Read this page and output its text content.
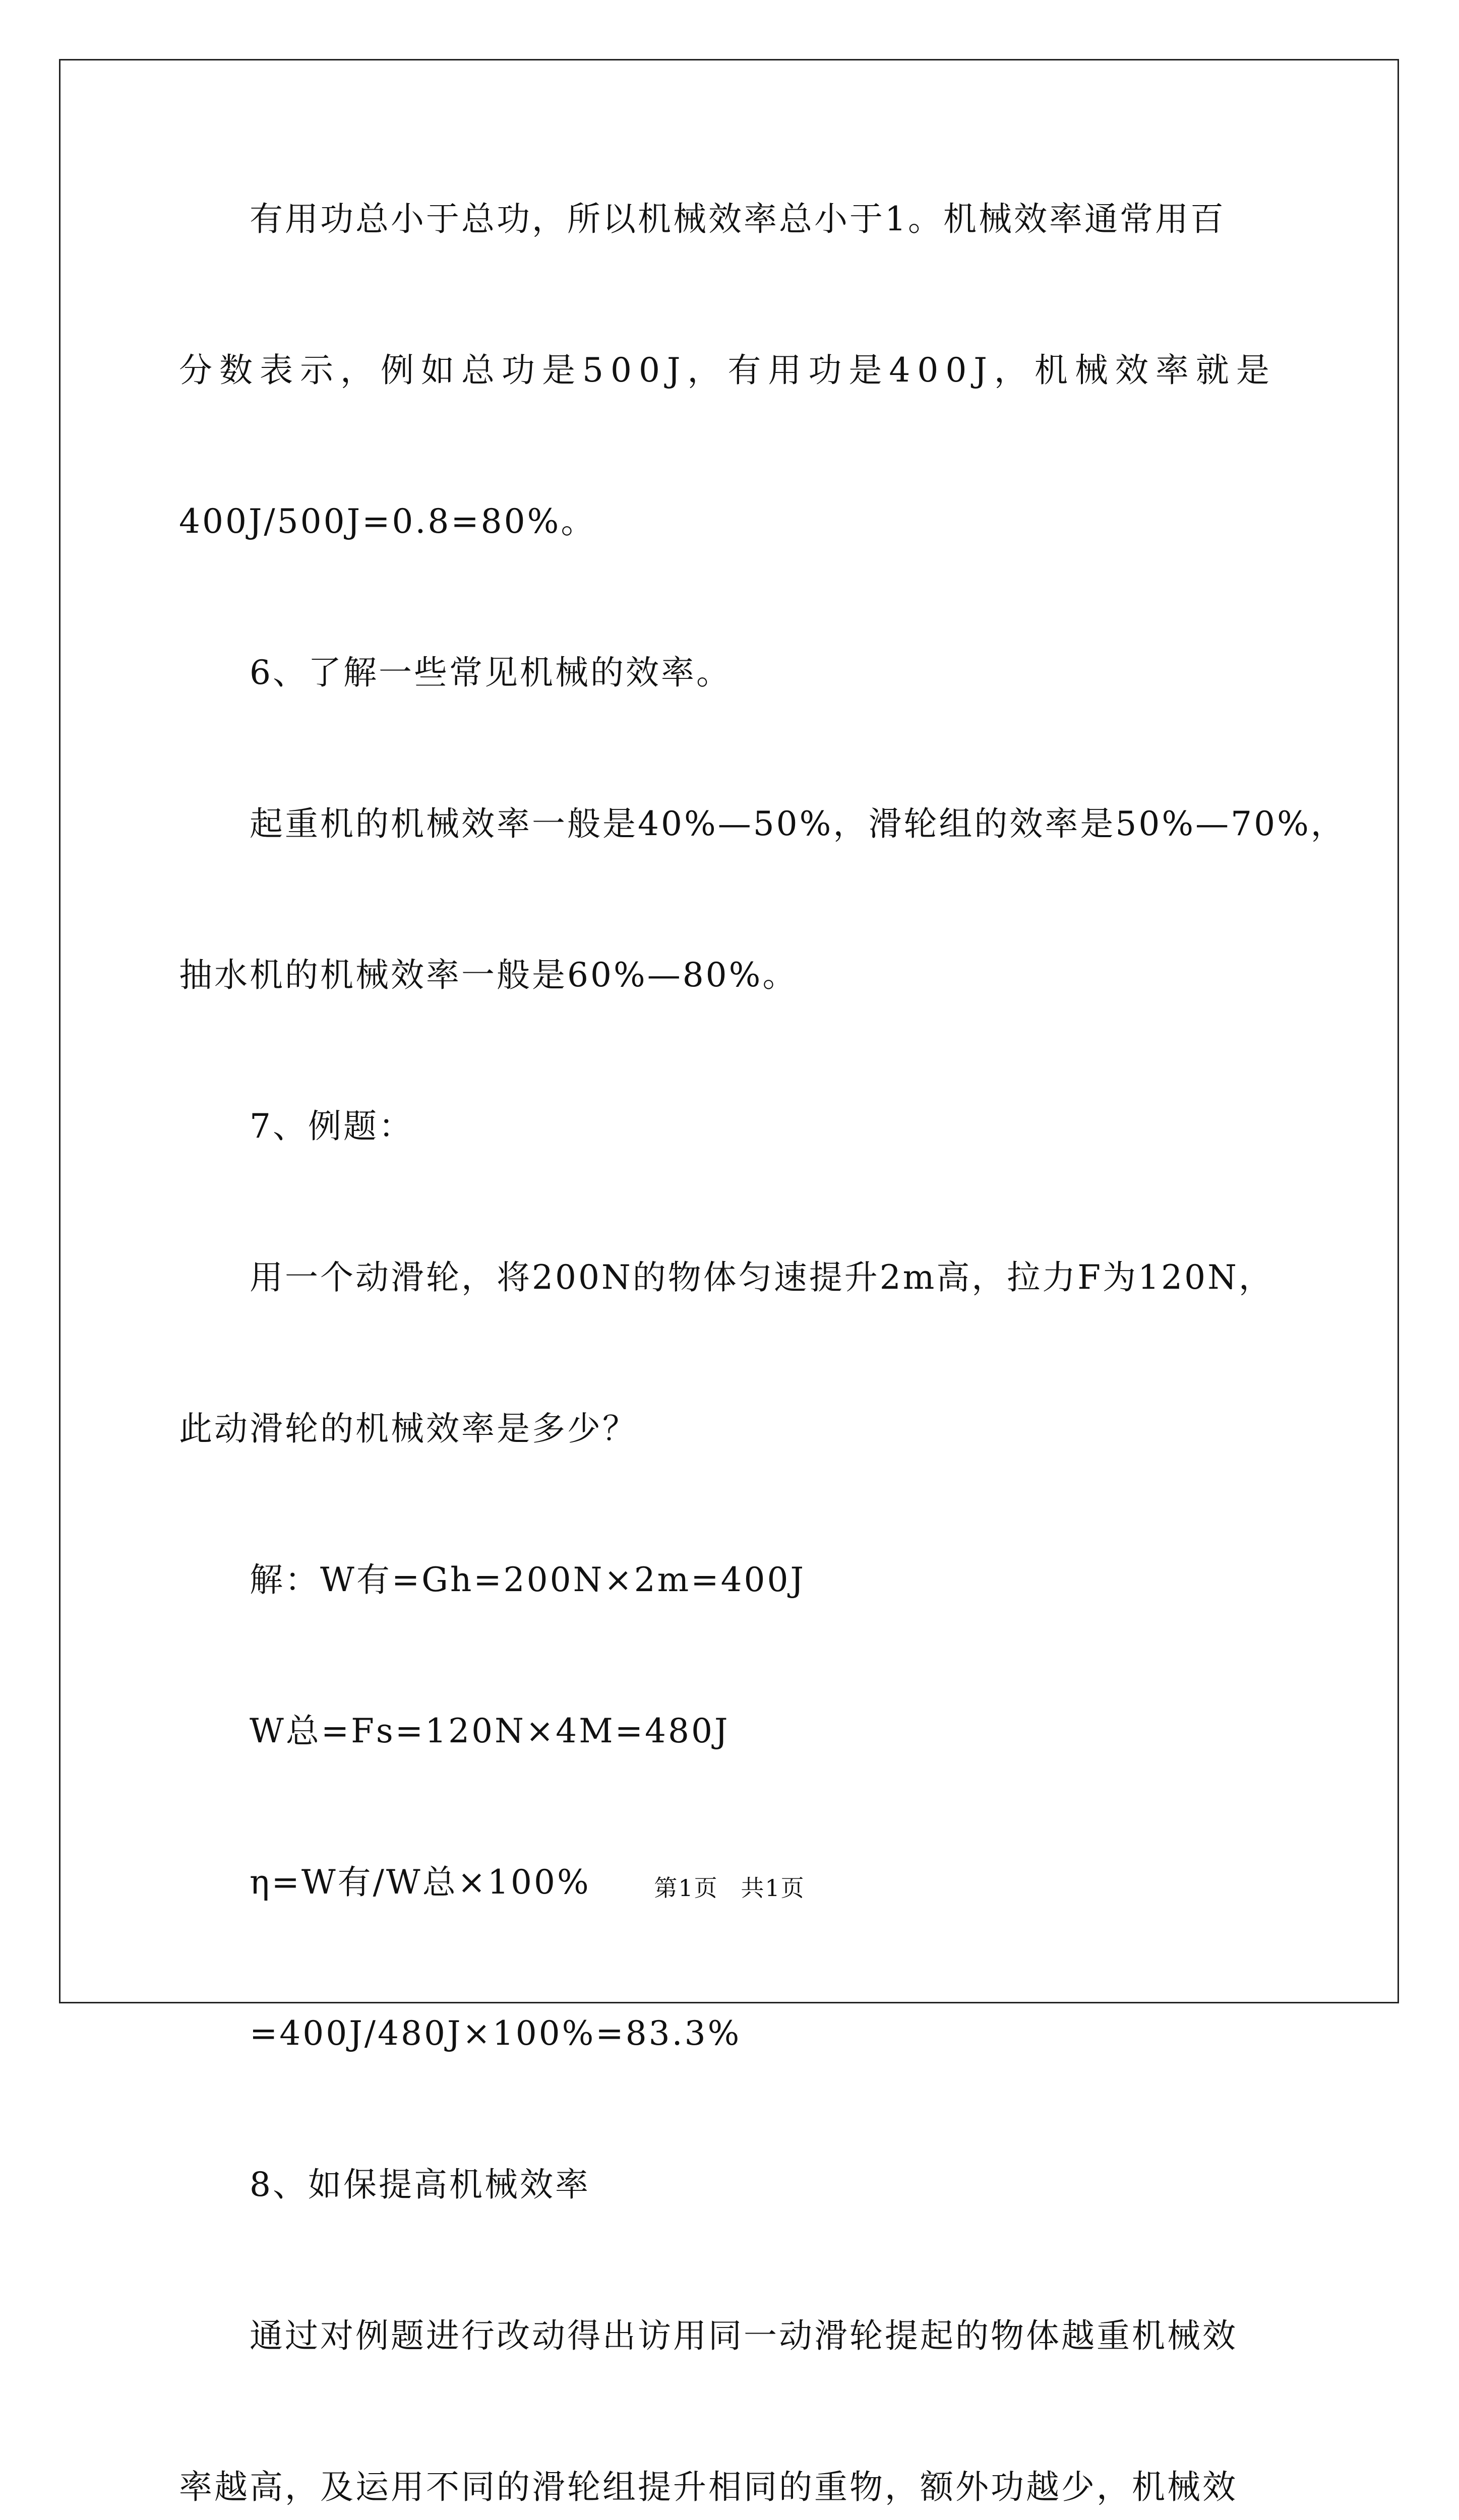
有用功总小于总功，所以机械效率总小于1。机械效率通常用百
分数表示，例如总功是500J，有用功是400J，机械效率就是
400J/500J=0.8=80%。
6、了解一些常见机械的效率。
起重机的机械效率一般是40%—50%，滑轮组的效率是50%—70%，
抽水机的机械效率一般是60%—80%。
7、例题：
用一个动滑轮，将200N的物体匀速提升2m高，拉力F为120N，
此动滑轮的机械效率是多少？
解：W有=Gh=200N×2m=400J
W总=Fs=120N×4M=480J
η=W有/W总×100%
=400J/480J×100%=83.3%
8、如保提高机械效率
通过对例题进行改动得出访用同一动滑轮提起的物体越重机械效
率越高，及运用不同的滑轮组提升相同的重物，额外功越少，机械效
第1页 共1页
